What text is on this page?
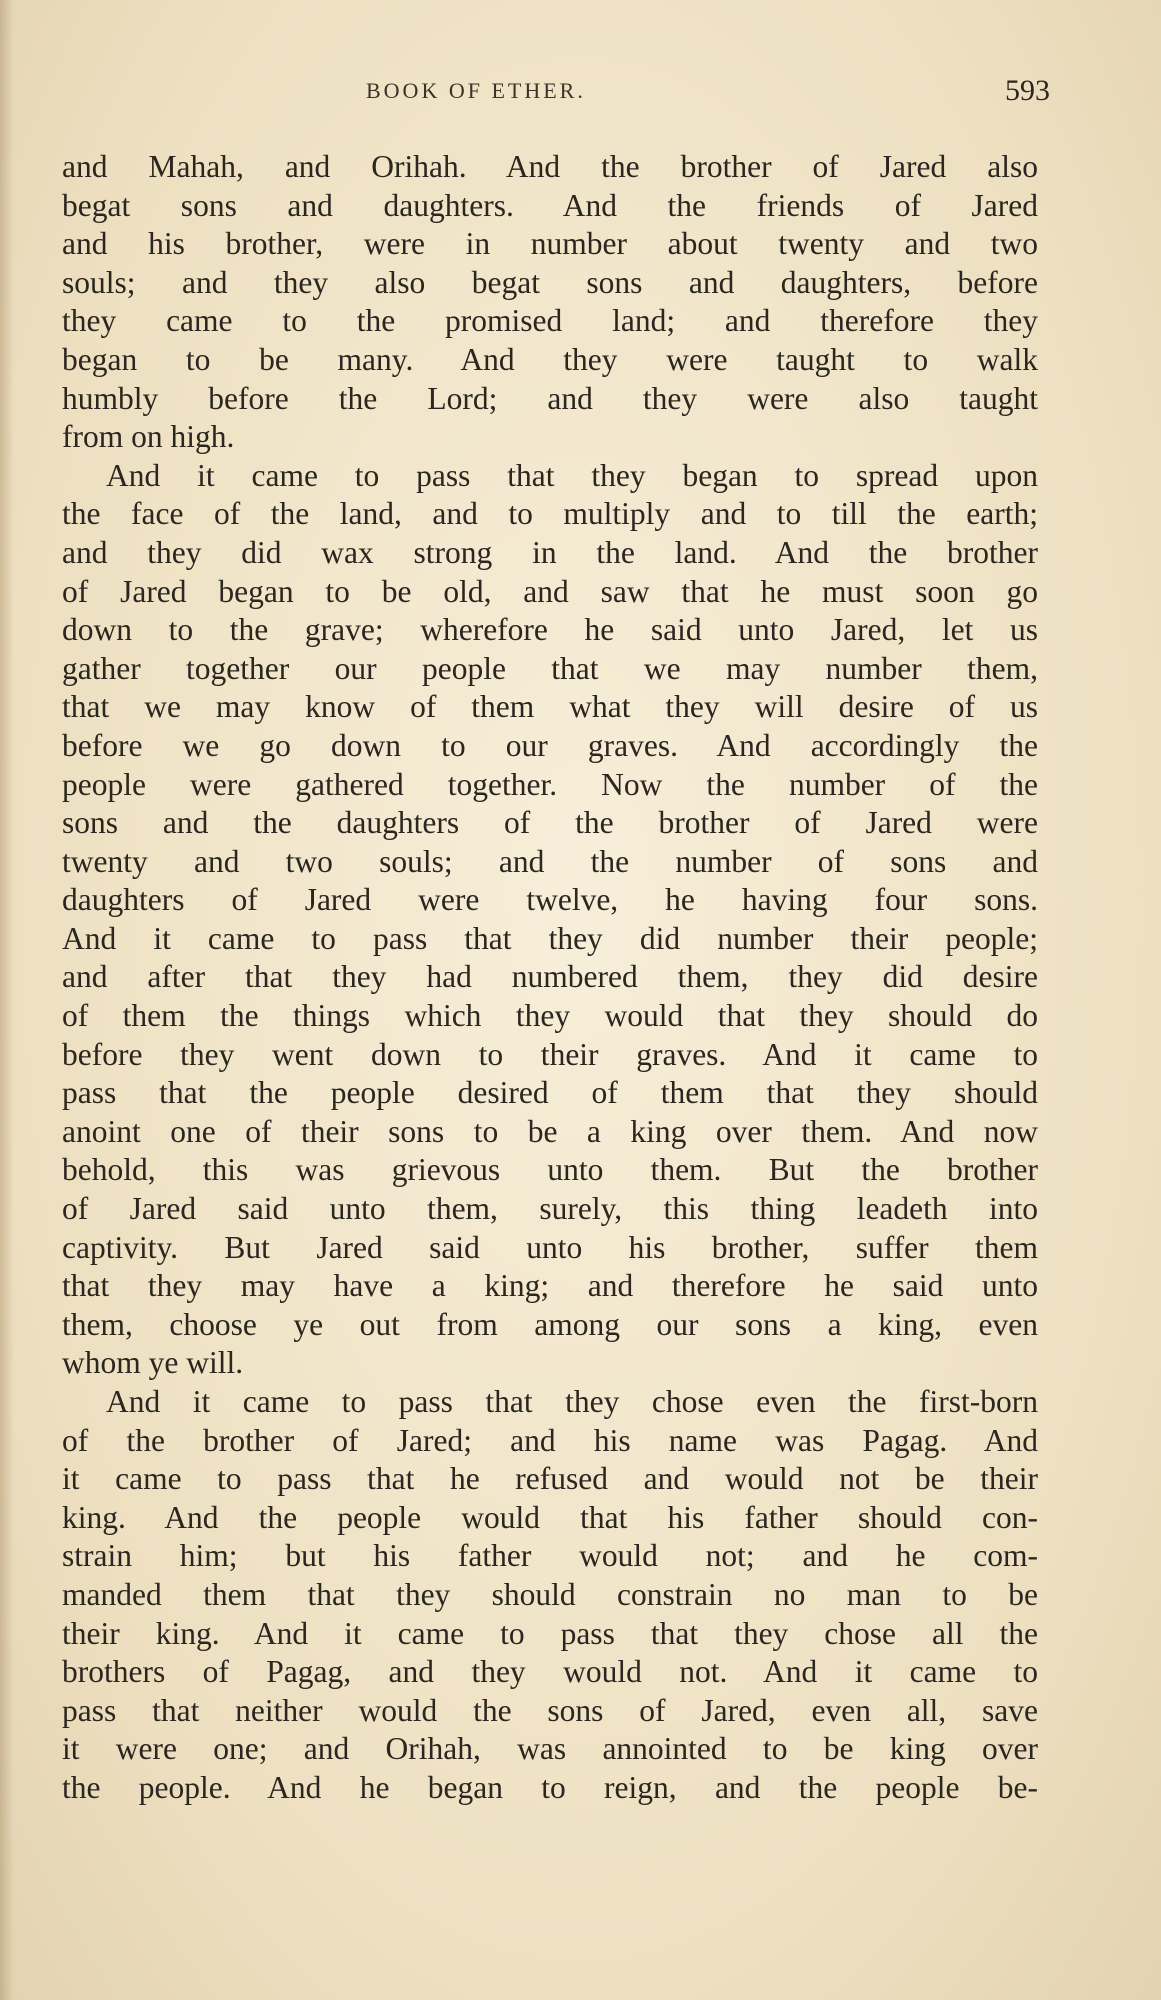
BOOK OF ETHER.	593

and Mahah, and Orihah. And the brother of Jared also
begat sons and daughters. And the friends of Jared
and his brother, were in number about twenty and two
souls; and they also begat sons and daughters, before
they came to the promised land; and therefore they
began to be many. And they were taught to walk
humbly before the Lord; and they were also taught
from on high.

And it came to pass that they began to spread upon
the face of the land, and to multiply and to till the earth;
and they did wax strong in the land. And the brother
of Jared began to be old, and saw that he must soon go
down to the grave; wherefore he said unto Jared, let us
gather together our people that we may number them,
that we may know of them what they will desire of us
before we go down to our graves. And accordingly the
people were gathered together. Now the number of the
sons and the daughters of the brother of Jared were
twenty and two souls; and the number of sons and
daughters of Jared were twelve, he having four sons.
And it came to pass that they did number their people;
and after that they had numbered them, they did desire
of them the things which they would that they should do
before they went down to their graves. And it came to
pass that the people desired of them that they should
anoint one of their sons to be a king over them. And now
behold, this was grievous unto them. But the brother
of Jared said unto them, surely, this thing leadeth into
captivity. But Jared said unto his brother, suffer them
that they may have a king; and therefore he said unto
them, choose ye out from among our sons a king, even
whom ye will.

And it came to pass that they chose even the first-born
of the brother of Jared; and his name was Pagag. And
it came to pass that he refused and would not be their
king. And the people would that his father should con-
strain him; but his father would not; and he com-
manded them that they should constrain no man to be
their king. And it came to pass that they chose all the
brothers of Pagag, and they would not. And it came to
pass that neither would the sons of Jared, even all, save
it were one; and Orihah, was annointed to be king over
the people. And he began to reign, and the people be-
